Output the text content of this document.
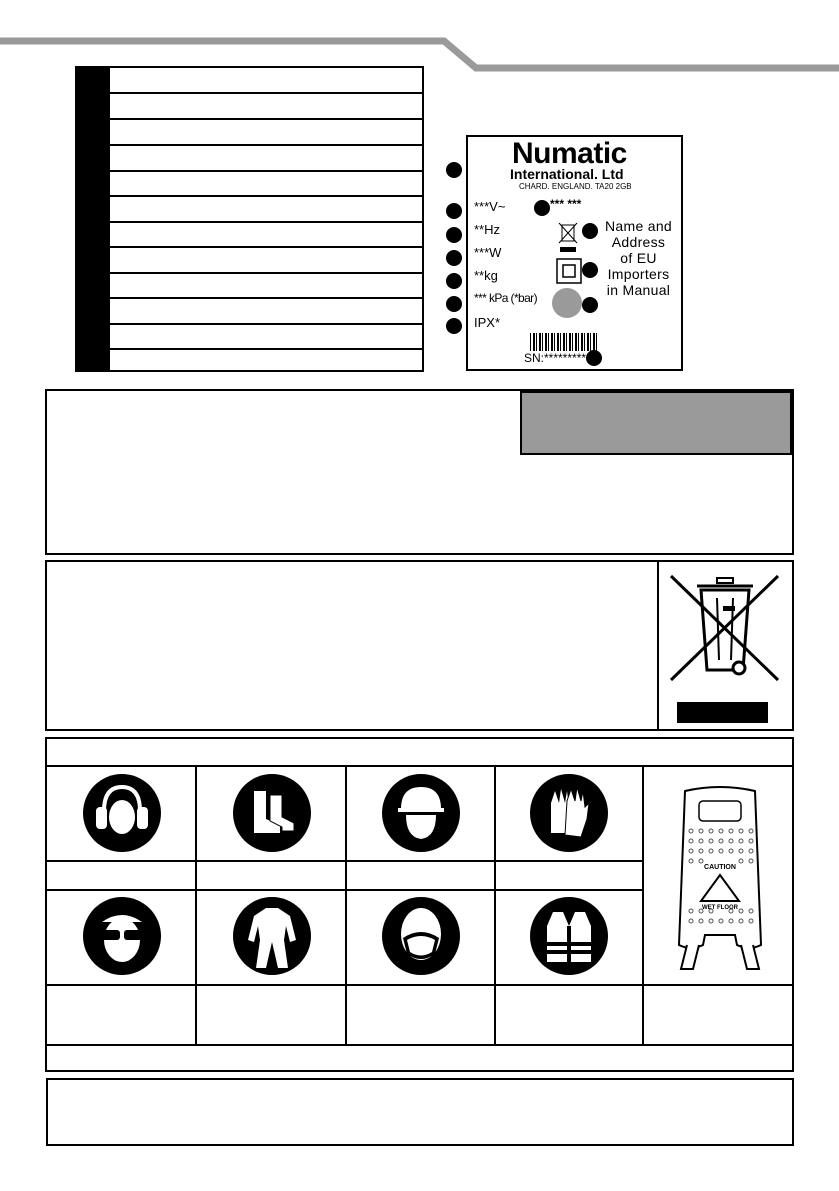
Numatic
International. Ltd
CHARD. ENGLAND. TA20 2GB
***V~
**Hz
***W
**kg
*** kPa (*bar)
IPX*
*** ***
Name and
Address
of EU
Importers
in Manual
SN:*********
CAUTION
WET FLOOR
